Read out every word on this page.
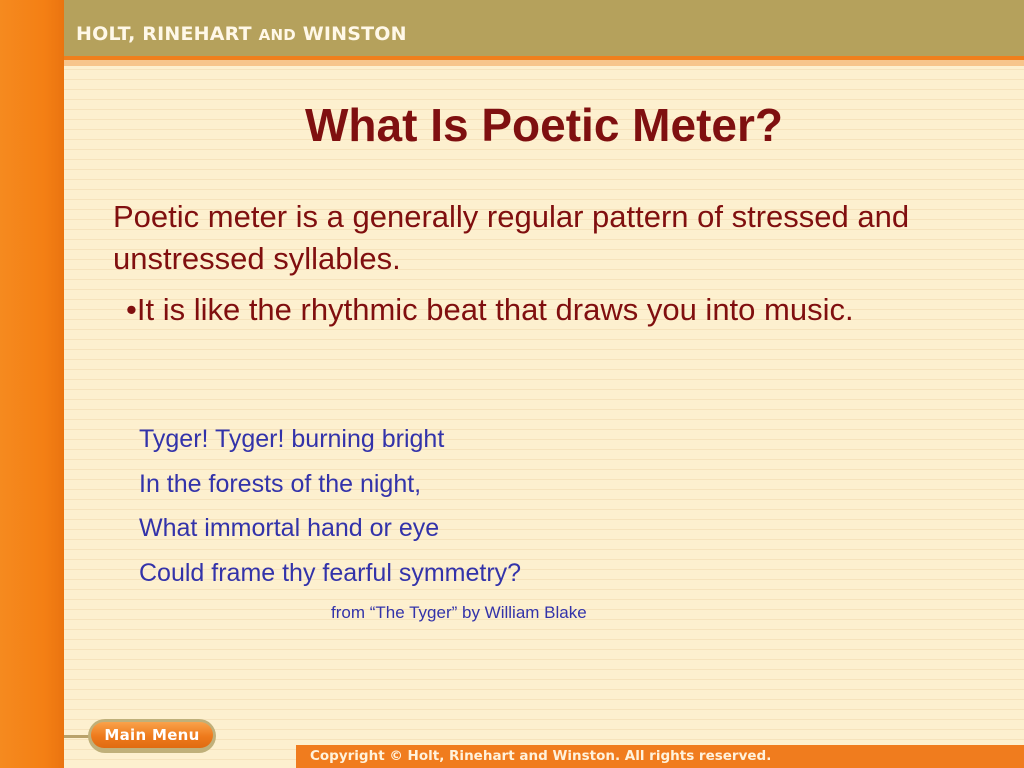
HOLT, RINEHART AND WINSTON
What Is Poetic Meter?
Poetic meter is a generally regular pattern of stressed and unstressed syllables.
•It is like the rhythmic beat that draws you into music.
Tyger! Tyger! burning bright
In the forests of the night,
What immortal hand or eye
Could frame thy fearful symmetry?
from “The Tyger” by William Blake
Main Menu
Copyright © Holt, Rinehart and Winston. All rights reserved.
